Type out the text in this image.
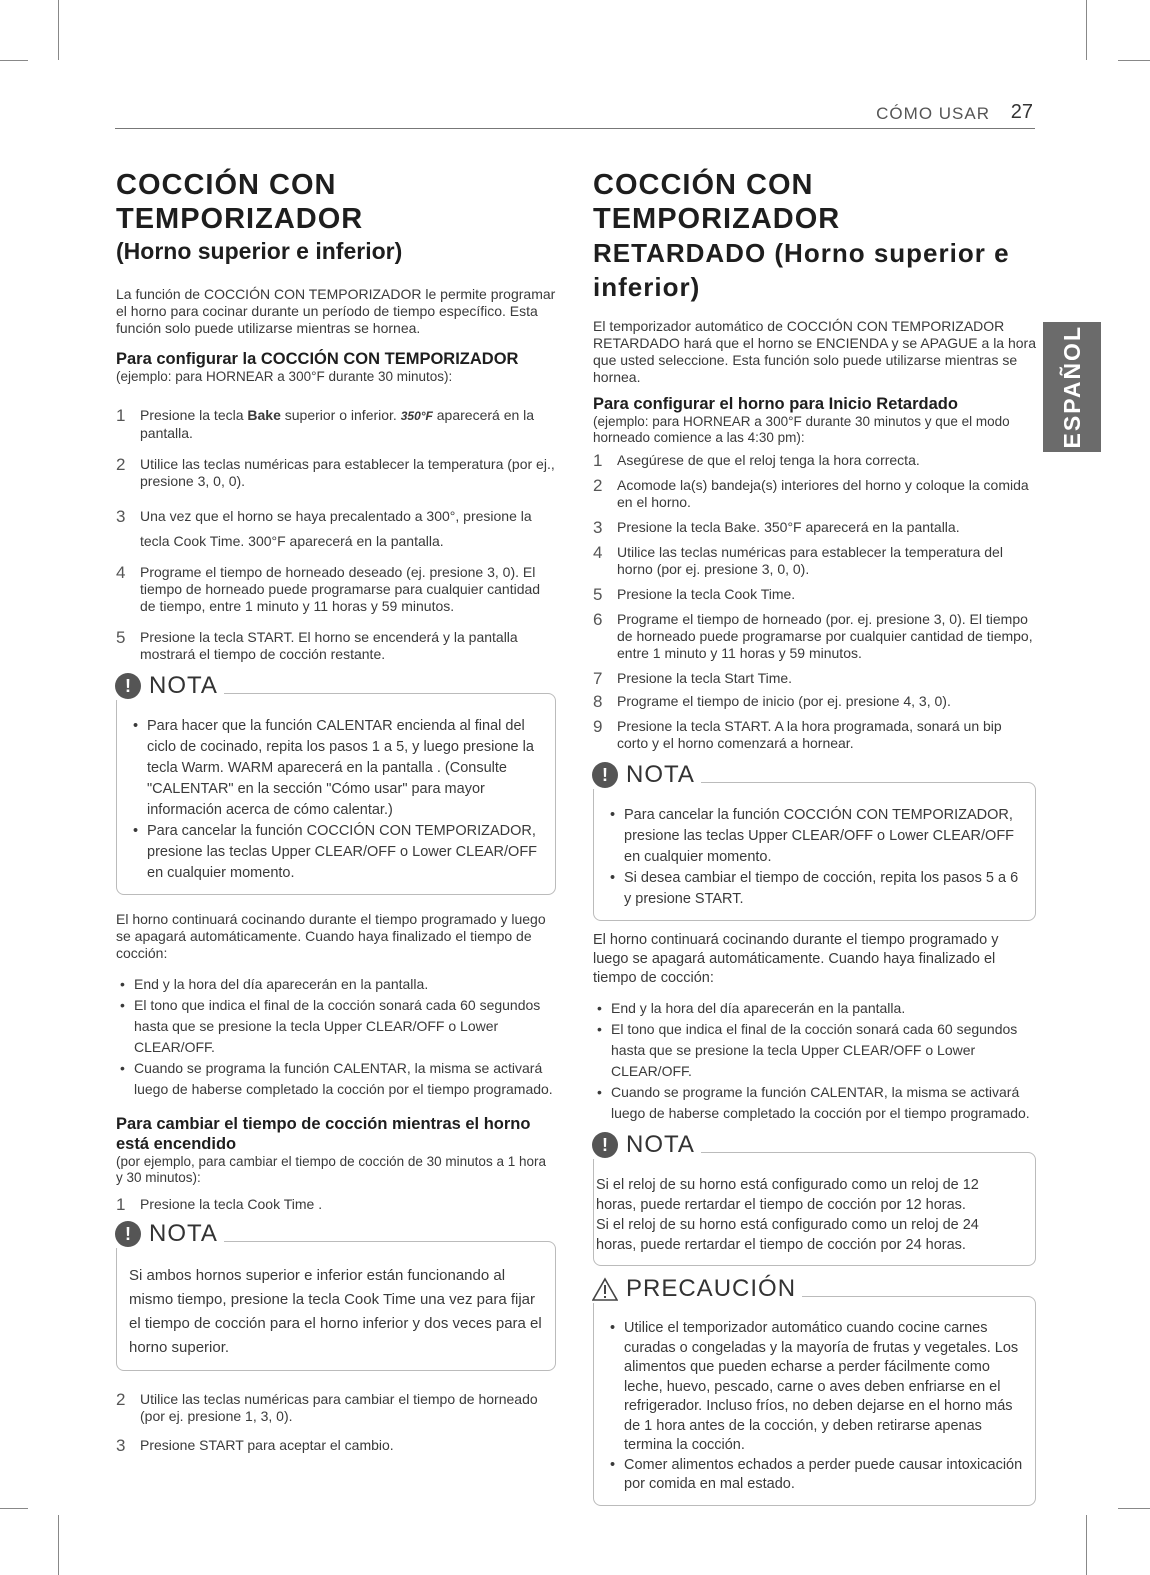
CÓMO USAR 27
ESPAÑOL
COCCIÓN CON TEMPORIZADOR
(Horno superior e inferior)

La función de COCCIÓN CON TEMPORIZADOR le permite programar el horno para cocinar durante un período de tiempo específico. Esta función solo puede utilizarse mientras se hornea.

Para configurar la COCCIÓN CON TEMPORIZADOR

(ejemplo: para HORNEAR a 300°F durante 30 minutos):

1	Presione la tecla Bake superior o inferior. 350°F aparecerá en la pantalla.
2	Utilice las teclas numéricas para establecer la temperatura (por ej., presione 3, 0, 0).
3	Una vez que el horno se haya precalentado a 300°, presione la tecla Cook Time. 300°F aparecerá en la pantalla.
4	Programe el tiempo de horneado deseado (ej. presione 3, 0). El tiempo de horneado puede programarse para cualquier cantidad de tiempo, entre 1 minuto y 11 horas y 59 minutos.
5	Presione la tecla START. El horno se encenderá y la pantalla mostrará el tiempo de cocción restante.
! NOTA
• Para hacer que la función CALENTAR encienda al final del ciclo de cocinado, repita los pasos 1 a 5, y luego presione la tecla Warm. WARM aparecerá en la pantalla . (Consulte "CALENTAR" en la sección "Cómo usar" para mayor información acerca de cómo calentar.)
• Para cancelar la función COCCIÓN CON TEMPORIZADOR, presione las teclas Upper CLEAR/OFF o Lower CLEAR/OFF en cualquier momento.

El horno continuará cocinando durante el tiempo programado y luego se apagará automáticamente. Cuando haya finalizado el tiempo de cocción:

• End y la hora del día aparecerán en la pantalla.
• El tono que indica el final de la cocción sonará cada 60 segundos hasta que se presione la tecla Upper CLEAR/OFF o Lower CLEAR/OFF.
• Cuando se programa la función CALENTAR, la misma se activará luego de haberse completado la cocción por el tiempo programado.
Para cambiar el tiempo de cocción mientras el horno está encendido

(por ejemplo, para cambiar el tiempo de cocción de 30 minutos a 1 hora y 30 minutos):

1	Presione la tecla Cook Time .
! NOTA

Si ambos hornos superior e inferior están funcionando al mismo tiempo, presione la tecla Cook Time una vez para fijar el tiempo de cocción para el horno inferior y dos veces para el horno superior.

2	Utilice las teclas numéricas para cambiar el tiempo de horneado (por ej. presione 1, 3, 0).
3	Presione START para aceptar el cambio.
COCCIÓN CON TEMPORIZADOR
RETARDADO (Horno superior e
inferior)

El temporizador automático de COCCIÓN CON TEMPORIZADOR RETARDADO hará que el horno se ENCIENDA y se APAGUE a la hora que usted seleccione. Esta función solo puede utilizarse mientras se hornea.

Para configurar el horno para Inicio Retardado

(ejemplo: para HORNEAR a 300°F durante 30 minutos y que el modo horneado comience a las 4:30 pm):

1	Asegúrese de que el reloj tenga la hora correcta.
2	Acomode la(s) bandeja(s) interiores del horno y coloque la comida en el horno.
3	Presione la tecla Bake. 350°F aparecerá en la pantalla.
4	Utilice las teclas numéricas para establecer la temperatura del horno (por ej. presione 3, 0, 0).
5	Presione la tecla Cook Time.
6	Programe el tiempo de horneado (por. ej. presione 3, 0). El tiempo de horneado puede programarse por cualquier cantidad de tiempo, entre 1 minuto y 11 horas y 59 minutos.
7	Presione la tecla Start Time.
8	Programe el tiempo de inicio (por ej. presione 4, 3, 0).
9	Presione la tecla START. A la hora programada, sonará un bip corto y el horno comenzará a hornear.
! NOTA
• Para cancelar la función COCCIÓN CON TEMPORIZADOR, presione las teclas Upper CLEAR/OFF o Lower CLEAR/OFF en cualquier momento.
• Si desea cambiar el tiempo de cocción, repita los pasos 5 a 6 y presione START.

El horno continuará cocinando durante el tiempo programado y luego se apagará automáticamente. Cuando haya finalizado el tiempo de cocción:

• End y la hora del día aparecerán en la pantalla.
• El tono que indica el final de la cocción sonará cada 60 segundos hasta que se presione la tecla Upper CLEAR/OFF o Lower CLEAR/OFF.
• Cuando se programe la función CALENTAR, la misma se activará luego de haberse completado la cocción por el tiempo programado.
! NOTA

Si el reloj de su horno está configurado como un reloj de 12 horas, puede rertardar el tiempo de cocción por 12 horas.

Si el reloj de su horno está configurado como un reloj de 24 horas, puede rertardar el tiempo de cocción por 24 horas.

PRECAUCIÓN
• Utilice el temporizador automático cuando cocine carnes curadas o congeladas y la mayoría de frutas y vegetales. Los alimentos que pueden echarse a perder fácilmente como leche, huevo, pescado, carne o aves deben enfriarse en el refrigerador. Incluso fríos, no deben dejarse en el horno más de 1 hora antes de la cocción, y deben retirarse apenas termina la cocción.
• Comer alimentos echados a perder puede causar intoxicación por comida en mal estado.
